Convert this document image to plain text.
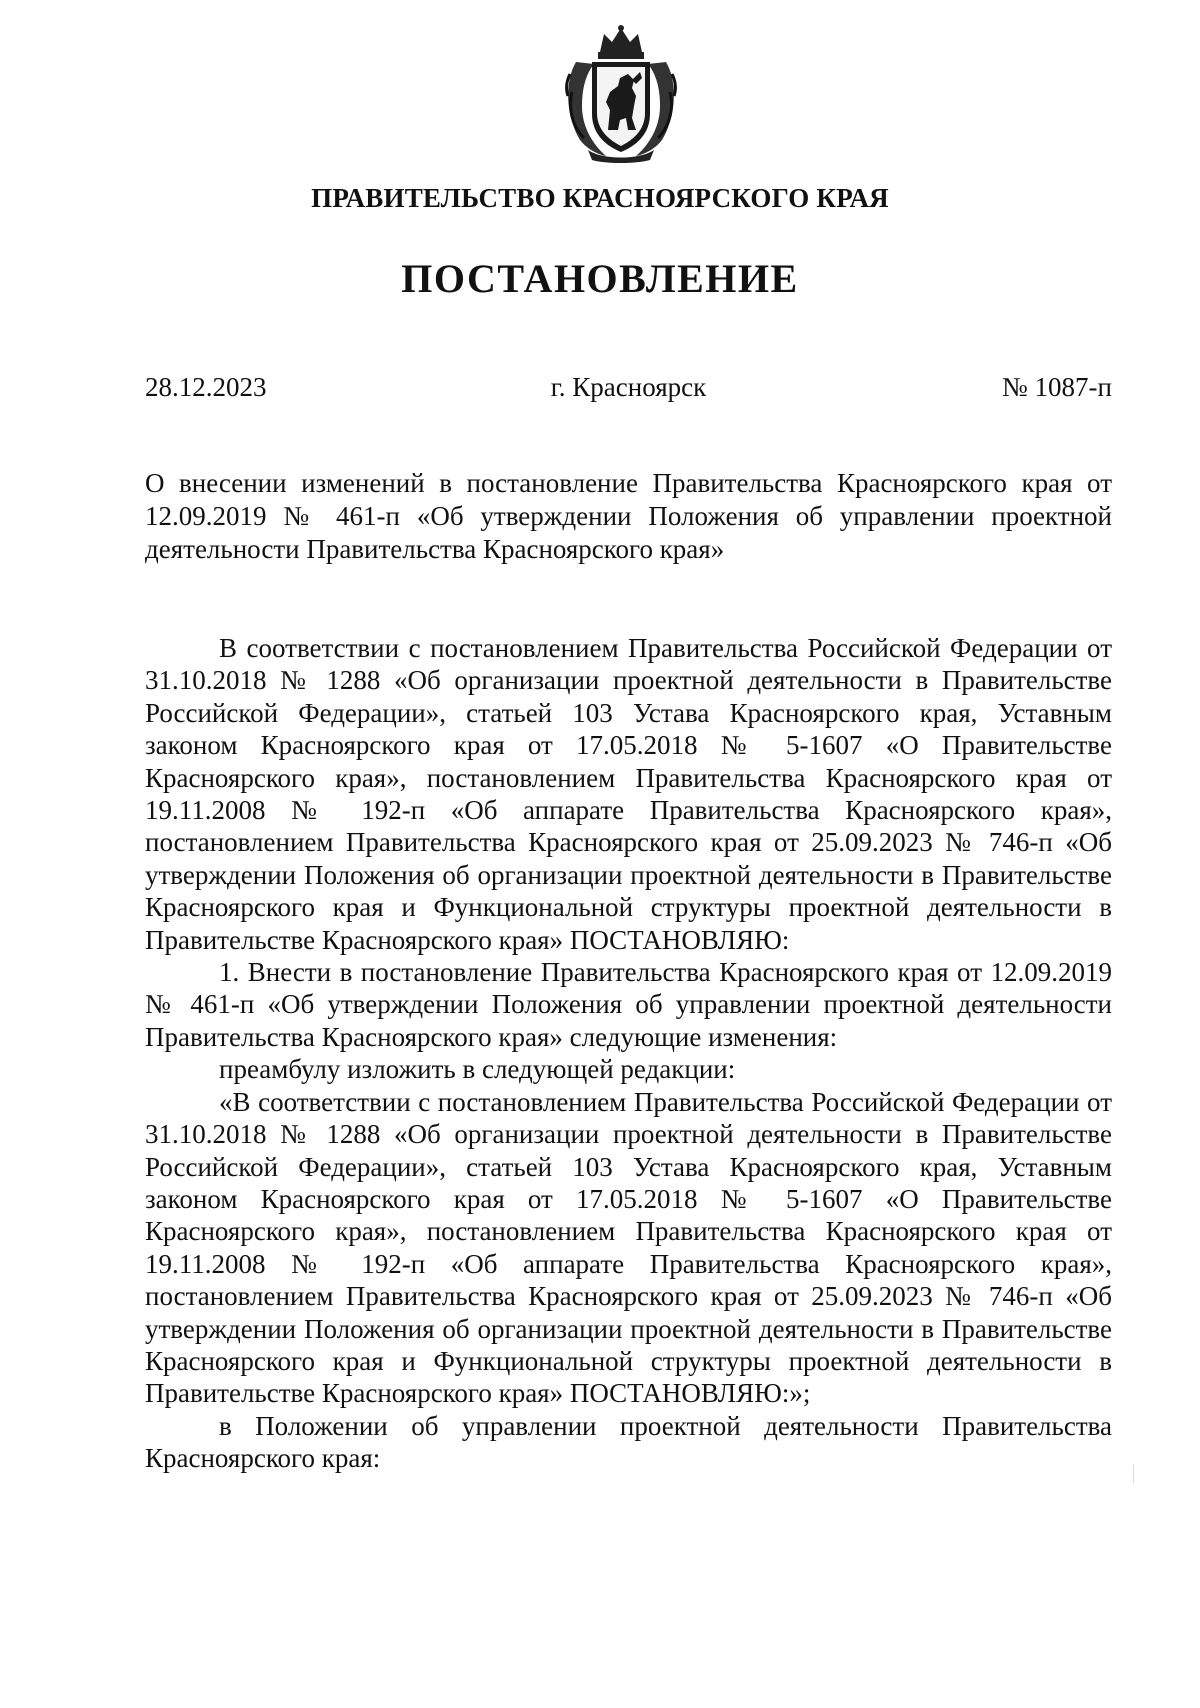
ПРАВИТЕЛЬСТВО КРАСНОЯРСКОГО КРАЯ
ПОСТАНОВЛЕНИЕ
28.12.2023	г. Красноярск	№ 1087-п
О внесении изменений в постановление Правительства Красноярского края от 12.09.2019 № 461-п «Об утверждении Положения об управлении проектной деятельности Правительства Красноярского края»

В соответствии с постановлением Правительства Российской Федерации от 31.10.2018 № 1288 «Об организации проектной деятельности в Правительстве Российской Федерации», статьей 103 Устава Красноярского края, Уставным законом Красноярского края от 17.05.2018 № 5-1607 «О Правительстве Красноярского края», постановлением Правительства Красноярского края от 19.11.2008 № 192-п «Об аппарате Правительства Красноярского края», постановлением Правительства Красноярского края от 25.09.2023 № 746-п «Об утверждении Положения об организации проектной деятельности в Правительстве Красноярского края и Функциональной структуры проектной деятельности в Правительстве Красноярского края» ПОСТАНОВЛЯЮ:

1. Внести в постановление Правительства Красноярского края от 12.09.2019 № 461-п «Об утверждении Положения об управлении проектной деятельности Правительства Красноярского края» следующие изменения:

преамбулу изложить в следующей редакции:

«В соответствии с постановлением Правительства Российской Федерации от 31.10.2018 № 1288 «Об организации проектной деятельности в Правительстве Российской Федерации», статьей 103 Устава Красноярского края, Уставным законом Красноярского края от 17.05.2018 № 5-1607 «О Правительстве Красноярского края», постановлением Правительства Красноярского края от 19.11.2008 № 192-п «Об аппарате Правительства Красноярского края», постановлением Правительства Красноярского края от 25.09.2023 № 746-п «Об утверждении Положения об организации проектной деятельности в Правительстве Красноярского края и Функциональной структуры проектной деятельности в Правительстве Красноярского края» ПОСТАНОВЛЯЮ:»;

в Положении об управлении проектной деятельности Правительства Красноярского края:
